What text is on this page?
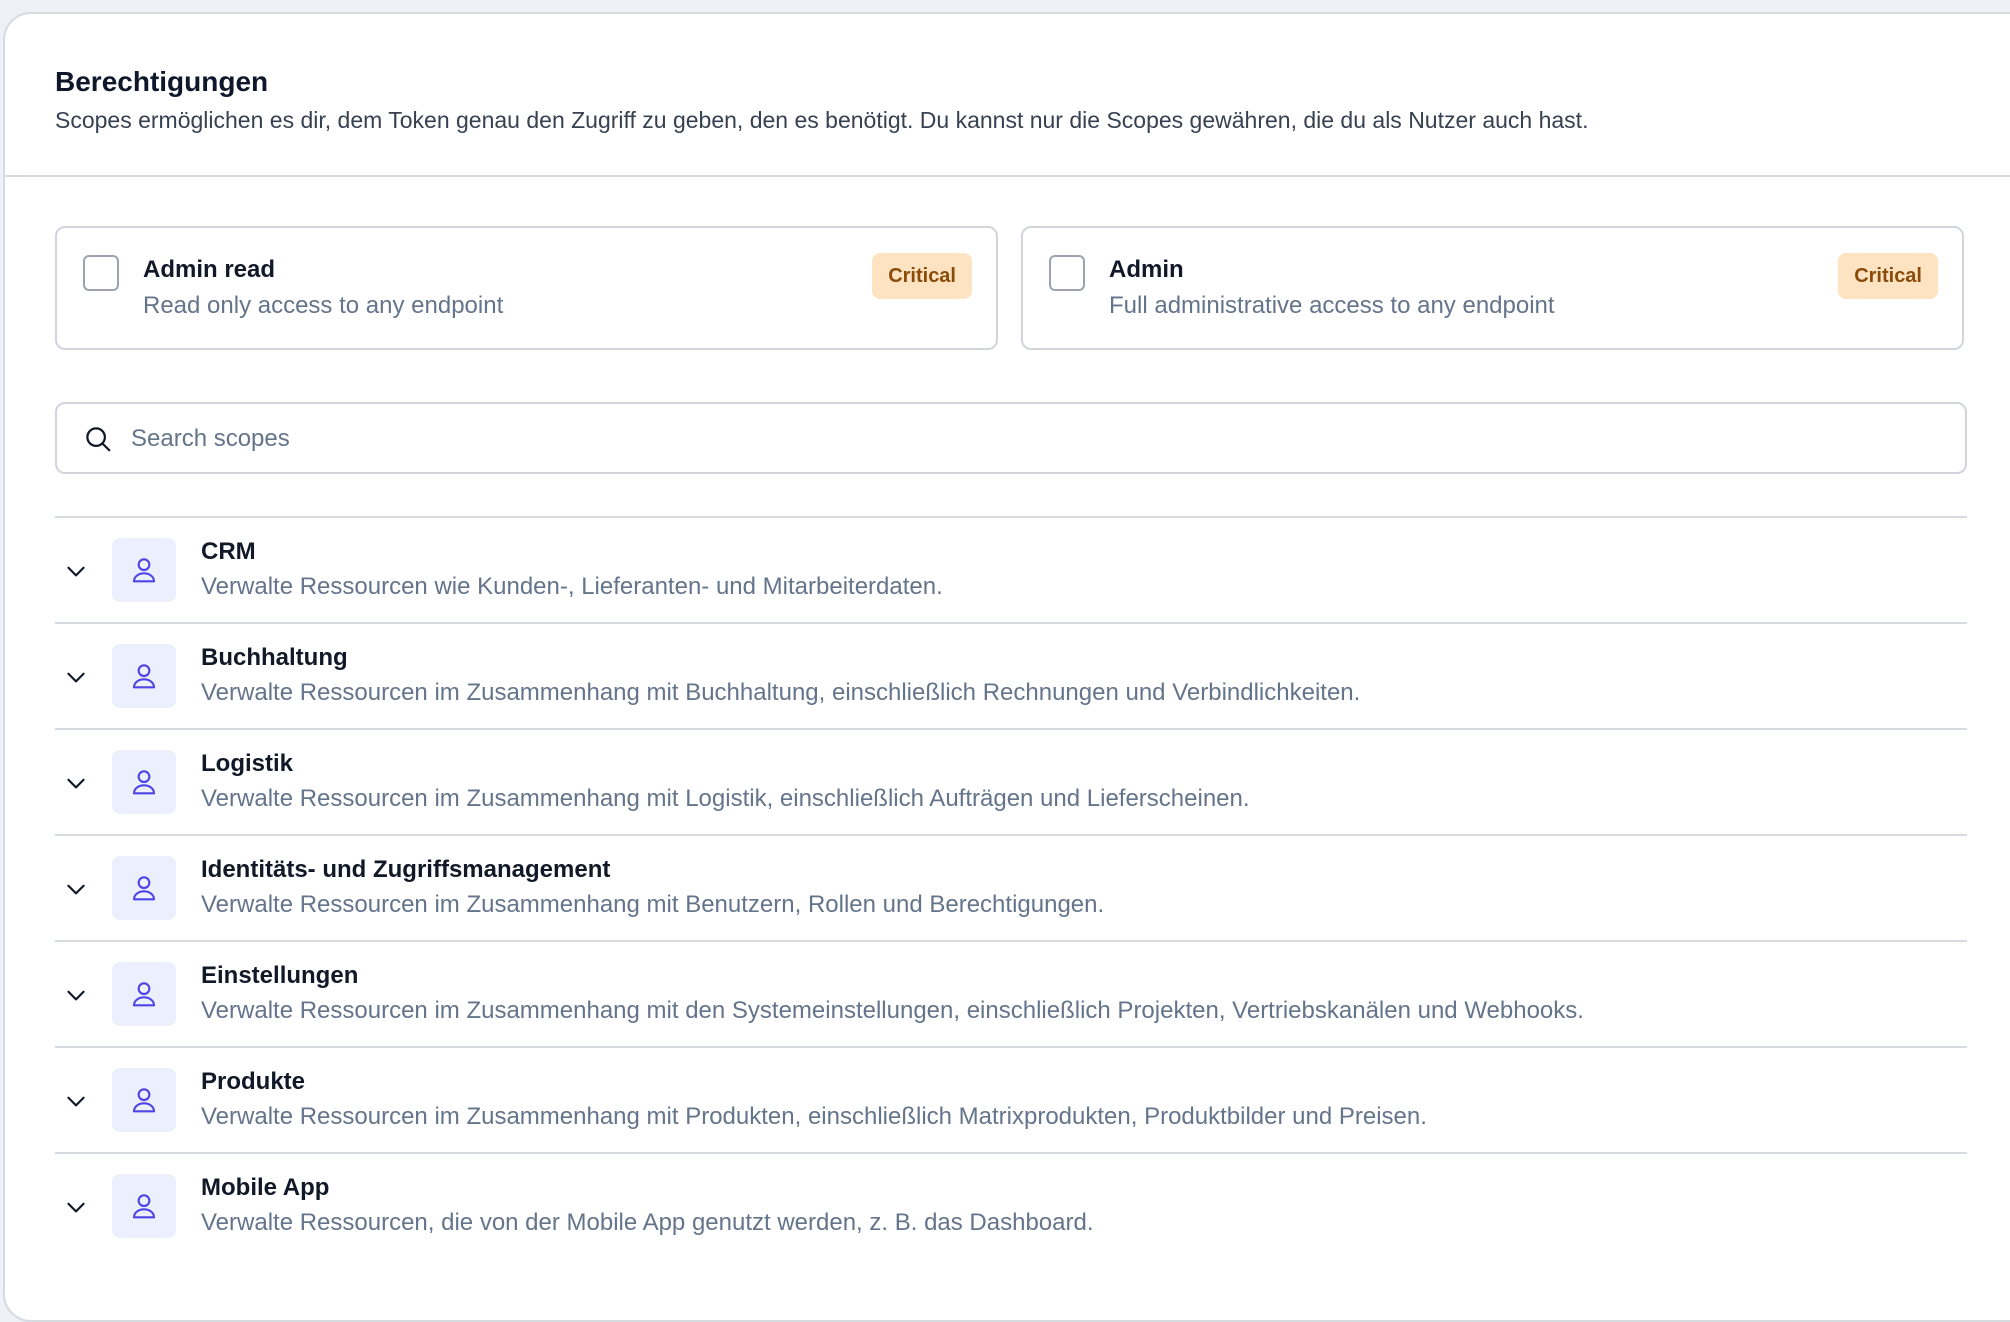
Berechtigungen
Scopes ermöglichen es dir, dem Token genau den Zugriff zu geben, den es benötigt. Du kannst nur die Scopes gewähren, die du als Nutzer auch hast.
Admin read
Read only access to any endpoint
Critical	Admin
Full administrative access to any endpoint
Critical
Search scopes
CRM
Verwalte Ressourcen wie Kunden-, Lieferanten- und Mitarbeiterdaten.
Buchhaltung
Verwalte Ressourcen im Zusammenhang mit Buchhaltung, einschließlich Rechnungen und Verbindlichkeiten.
Logistik
Verwalte Ressourcen im Zusammenhang mit Logistik, einschließlich Aufträgen und Lieferscheinen.
Identitäts- und Zugriffsmanagement
Verwalte Ressourcen im Zusammenhang mit Benutzern, Rollen und Berechtigungen.
Einstellungen
Verwalte Ressourcen im Zusammenhang mit den Systemeinstellungen, einschließlich Projekten, Vertriebskanälen und Webhooks.
Produkte
Verwalte Ressourcen im Zusammenhang mit Produkten, einschließlich Matrixprodukten, Produktbilder und Preisen.
Mobile App
Verwalte Ressourcen, die von der Mobile App genutzt werden, z. B. das Dashboard.
